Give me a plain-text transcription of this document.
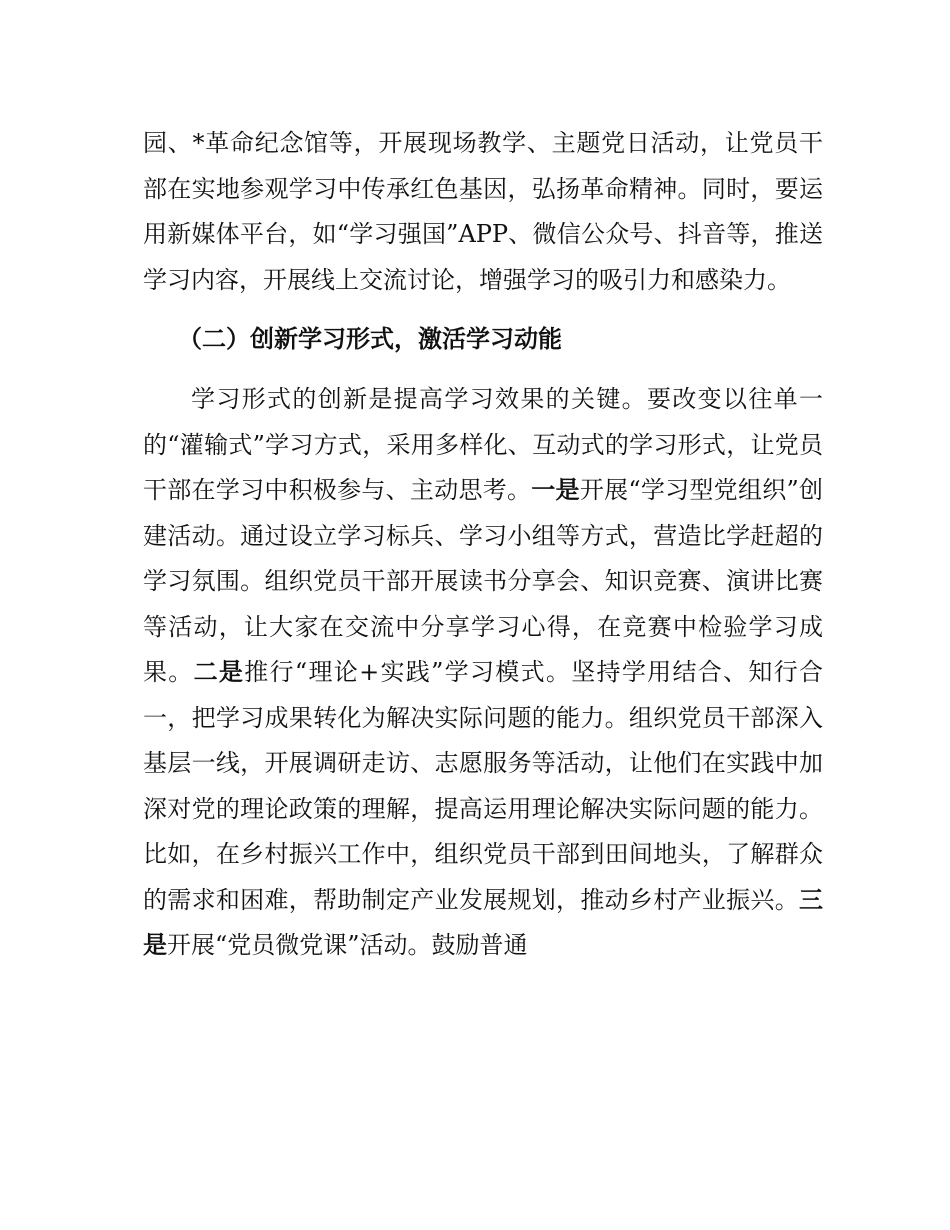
园、*革命纪念馆等，开展现场教学、主题党日活动，让党员干部在实地参观学习中传承红色基因，弘扬革命精神。同时，要运用新媒体平台，如“学习强国”APP、微信公众号、抖音等，推送学习内容，开展线上交流讨论，增强学习的吸引力和感染力。

（二）创新学习形式，激活学习动能

学习形式的创新是提高学习效果的关键。要改变以往单一的“灌输式”学习方式，采用多样化、互动式的学习形式，让党员干部在学习中积极参与、主动思考。一是开展“学习型党组织”创建活动。通过设立学习标兵、学习小组等方式，营造比学赶超的学习氛围。组织党员干部开展读书分享会、知识竞赛、演讲比赛等活动，让大家在交流中分享学习心得，在竞赛中检验学习成果。二是推行“理论+实践”学习模式。坚持学用结合、知行合一，把学习成果转化为解决实际问题的能力。组织党员干部深入基层一线，开展调研走访、志愿服务等活动，让他们在实践中加深对党的理论政策的理解，提高运用理论解决实际问题的能力。比如，在乡村振兴工作中，组织党员干部到田间地头，了解群众的需求和困难，帮助制定产业发展规划，推动乡村产业振兴。三是开展“党员微党课”活动。鼓励普通
